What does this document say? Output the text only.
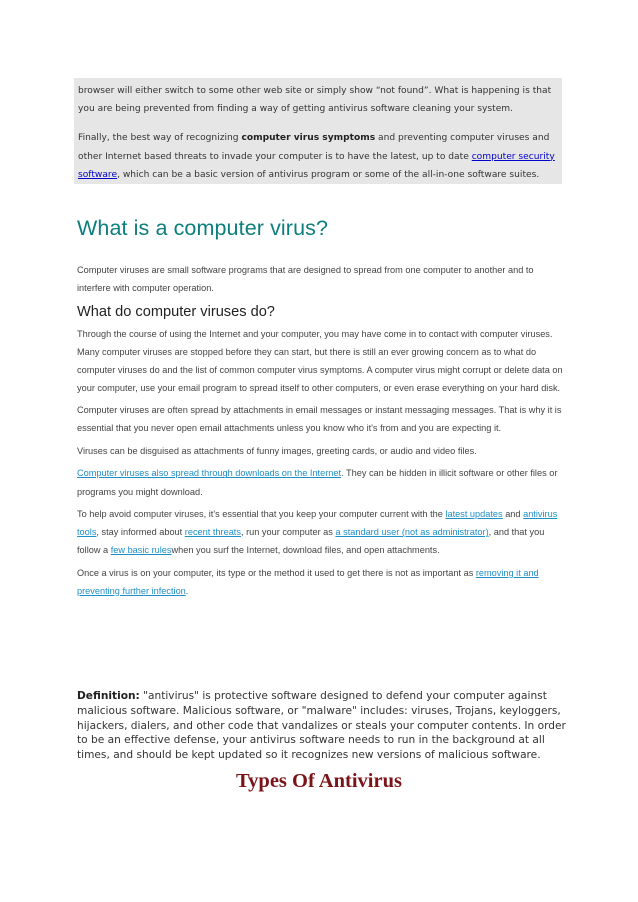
browser will either switch to some other web site or simply show “not found”. What is happening is that you are being prevented from finding a way of getting antivirus software cleaning your system.

Finally, the best way of recognizing computer virus symptoms and preventing computer viruses and other Internet based threats to invade your computer is to have the latest, up to date computer security software, which can be a basic version of antivirus program or some of the all-in-one software suites.

What is a computer virus?

Computer viruses are small software programs that are designed to spread from one computer to another and to interfere with computer operation.

What do computer viruses do?

Through the course of using the Internet and your computer, you may have come in to contact with computer viruses. Many computer viruses are stopped before they can start, but there is still an ever growing concern as to what do computer viruses do and the list of common computer virus symptoms. A computer virus might corrupt or delete data on your computer, use your email program to spread itself to other computers, or even erase everything on your hard disk.

Computer viruses are often spread by attachments in email messages or instant messaging messages. That is why it is essential that you never open email attachments unless you know who it's from and you are expecting it.

Viruses can be disguised as attachments of funny images, greeting cards, or audio and video files.

Computer viruses also spread through downloads on the Internet. They can be hidden in illicit software or other files or programs you might download.

To help avoid computer viruses, it's essential that you keep your computer current with the latest updates and antivirus tools, stay informed about recent threats, run your computer as a standard user (not as administrator), and that you follow a few basic ruleswhen you surf the Internet, download files, and open attachments.

Once a virus is on your computer, its type or the method it used to get there is not as important as removing it and preventing further infection.

Definition: "antivirus" is protective software designed to defend your computer against malicious software. Malicious software, or "malware" includes: viruses, Trojans, keyloggers, hijackers, dialers, and other code that vandalizes or steals your computer contents. In order to be an effective defense, your antivirus software needs to run in the background at all times, and should be kept updated so it recognizes new versions of malicious software.

Types Of Antivirus
